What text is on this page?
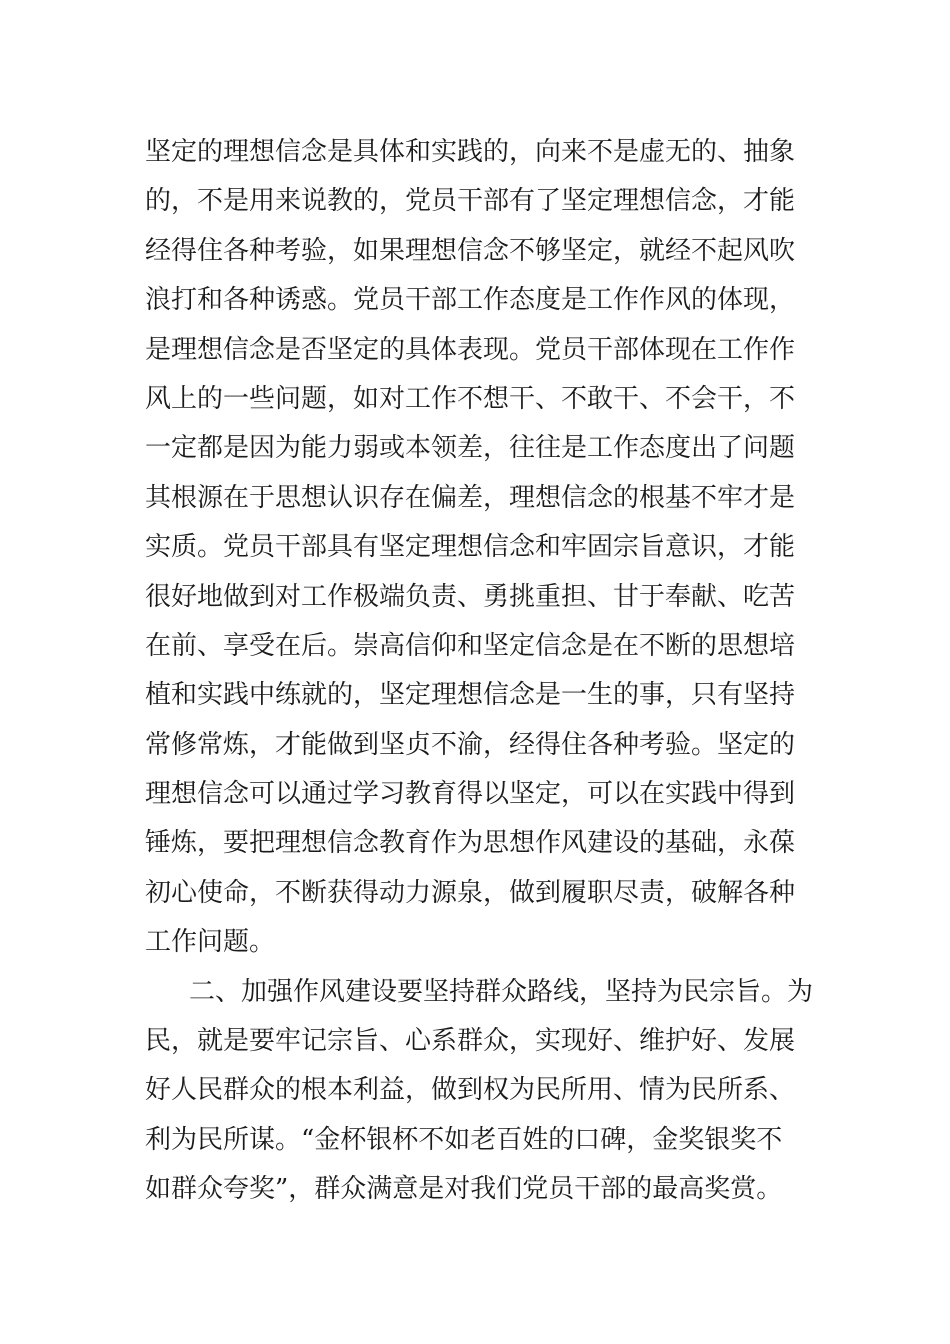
坚定的理想信念是具体和实践的，向来不是虚无的、抽象
的，不是用来说教的，党员干部有了坚定理想信念，才能
经得住各种考验，如果理想信念不够坚定，就经不起风吹
浪打和各种诱惑。党员干部工作态度是工作作风的体现，
是理想信念是否坚定的具体表现。党员干部体现在工作作
风上的一些问题，如对工作不想干、不敢干、不会干，不
一定都是因为能力弱或本领差，往往是工作态度出了问题
其根源在于思想认识存在偏差，理想信念的根基不牢才是
实质。党员干部具有坚定理想信念和牢固宗旨意识，才能
很好地做到对工作极端负责、勇挑重担、甘于奉献、吃苦
在前、享受在后。崇高信仰和坚定信念是在不断的思想培
植和实践中练就的，坚定理想信念是一生的事，只有坚持
常修常炼，才能做到坚贞不渝，经得住各种考验。坚定的
理想信念可以通过学习教育得以坚定，可以在实践中得到
锤炼，要把理想信念教育作为思想作风建设的基础，永葆
初心使命，不断获得动力源泉，做到履职尽责，破解各种
工作问题。
二、加强作风建设要坚持群众路线，坚持为民宗旨。为
民，就是要牢记宗旨、心系群众，实现好、维护好、发展
好人民群众的根本利益，做到权为民所用、情为民所系、
利为民所谋。“金杯银杯不如老百姓的口碑，金奖银奖不
如群众夸奖”，群众满意是对我们党员干部的最高奖赏。
